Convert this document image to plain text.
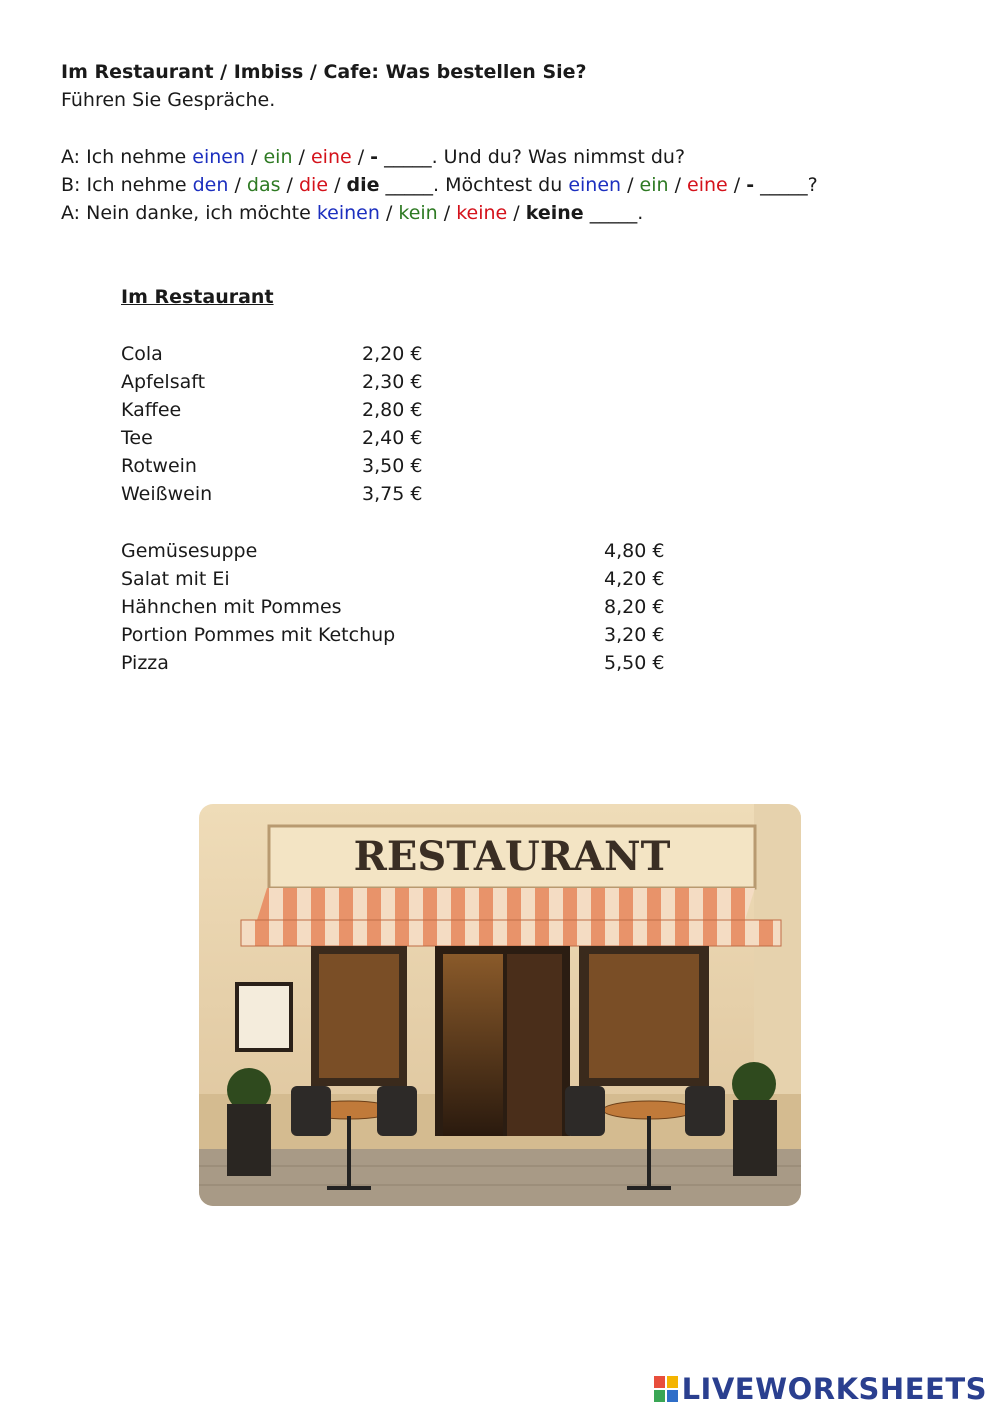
Im Restaurant / Imbiss / Cafe: Was bestellen Sie?
Führen Sie Gespräche.
A: Ich nehme einen / ein / eine / - _____. Und du? Was nimmst du?
B: Ich nehme den / das / die / die _____. Möchtest du einen / ein / eine / - _____?
A: Nein danke, ich möchte keinen / kein / keine / keine _____.
Im Restaurant
Cola	2,20 €
Apfelsaft	2,30 €
Kaffee	2,80 €
Tee	2,40 €
Rotwein	3,50 €
Weißwein	3,75 €
Gemüsesuppe	4,80 €
Salat mit Ei	4,20 €
Hähnchen mit Pommes	8,20 €
Portion Pommes mit Ketchup	3,20 €
Pizza	5,50 €
RESTAURANT
LIVEWORKSHEETS
